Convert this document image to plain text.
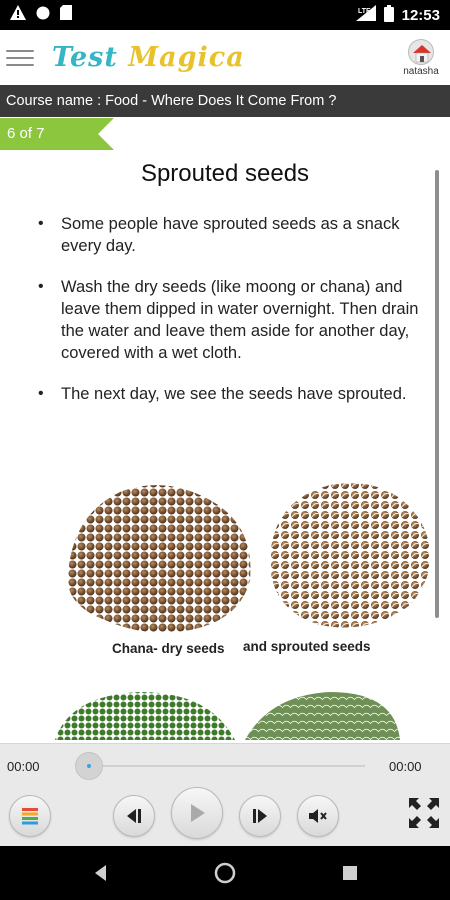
LTE 12:53
Test Magica	natasha
Course name : Food - Where Does It Come From ?
6 of 7
Sprouted seeds
•	Some people have sprouted seeds as a snack every day.
•	Wash the dry seeds (like moong or chana) and leave them dipped in water overnight. Then drain the water and leave them aside for another day, covered with a wet cloth.
•	The next day, we see the seeds have sprouted.
Chana- dry seeds and sprouted seeds
00:00	00:00
